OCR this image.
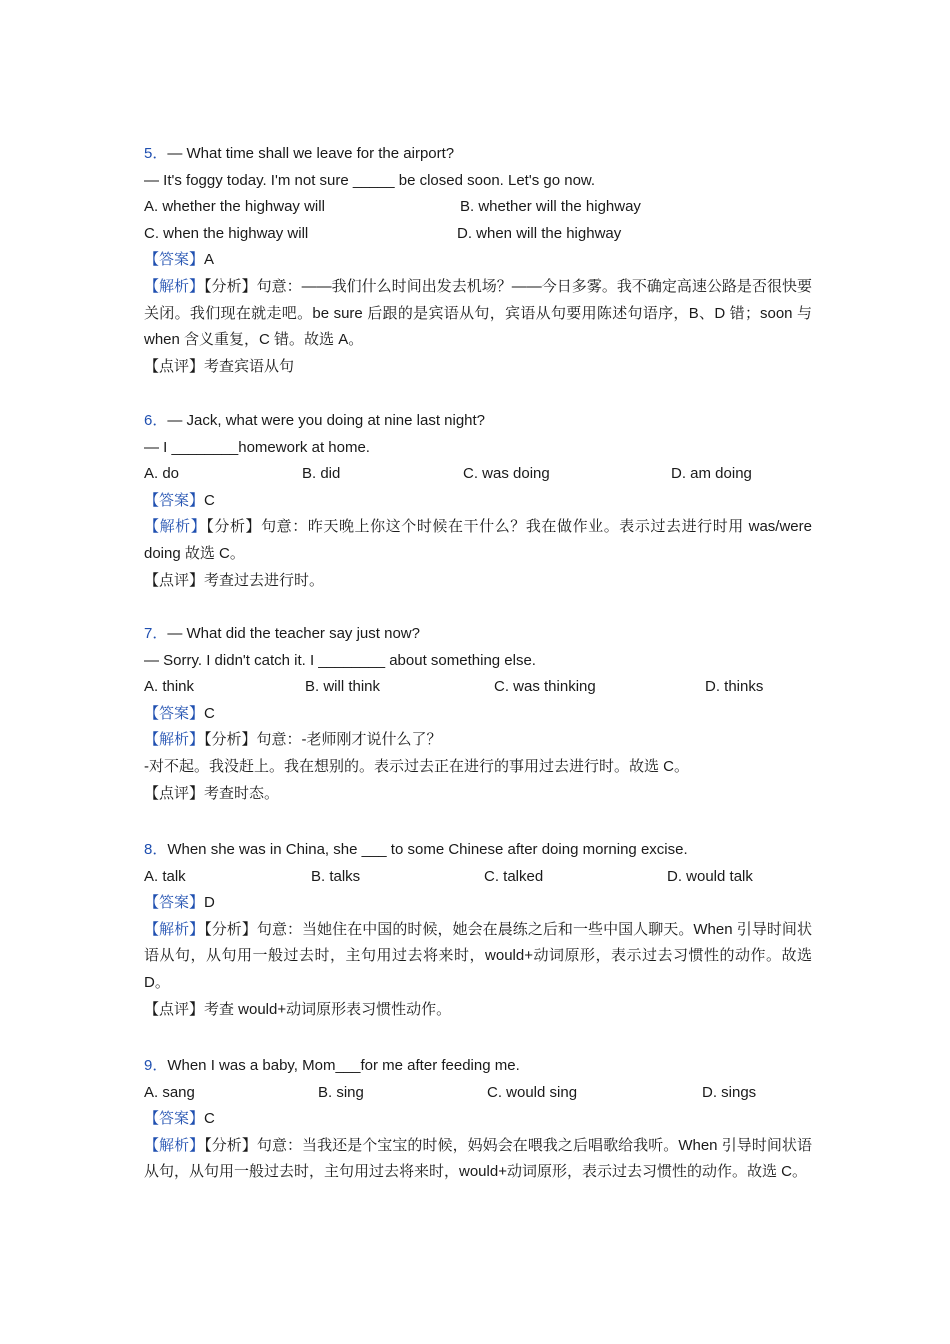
5．— What time shall we leave for the airport?
— It's foggy today. I'm not sure _____ be closed soon. Let's go now.
A. whether the highway will	B. whether will the highway
C. when the highway will	D. when will the highway
【答案】A
【解析】【分析】句意：——我们什么时间出发去机场？——今日多雾。我不确定高速公路是否很快要关闭。我们现在就走吧。be sure 后跟的是宾语从句，宾语从句要用陈述句语序，B、D 错；soon 与 when 含义重复，C 错。故选 A。
【点评】考查宾语从句
6．— Jack, what were you doing at nine last night?
— I ________homework at home.
A. do	B. did	C. was doing	D. am doing
【答案】C
【解析】【分析】句意：昨天晚上你这个时候在干什么？我在做作业。表示过去进行时用 was/were doing 故选 C。
【点评】考查过去进行时。
7．— What did the teacher say just now?
— Sorry. I didn't catch it. I ________ about something else.
A. think	B. will think	C. was thinking	D. thinks
【答案】C
【解析】【分析】句意：-老师刚才说什么了？
-对不起。我没赶上。我在想别的。表示过去正在进行的事用过去进行时。故选 C。
【点评】考查时态。
8．When she was in China, she ___ to some Chinese after doing morning excise.
A. talk	B. talks	C. talked	D. would talk
【答案】D
【解析】【分析】句意：当她住在中国的时候，她会在晨练之后和一些中国人聊天。When 引导时间状语从句，从句用一般过去时，主句用过去将来时，would+动词原形，表示过去习惯性的动作。故选 D。
【点评】考查 would+动词原形表习惯性动作。
9．When I was a baby, Mom___for me after feeding me.
A. sang	B. sing	C. would sing	D. sings
【答案】C
【解析】【分析】句意：当我还是个宝宝的时候，妈妈会在喂我之后唱歌给我听。When 引导时间状语从句，从句用一般过去时，主句用过去将来时，would+动词原形，表示过去习惯性的动作。故选 C。
